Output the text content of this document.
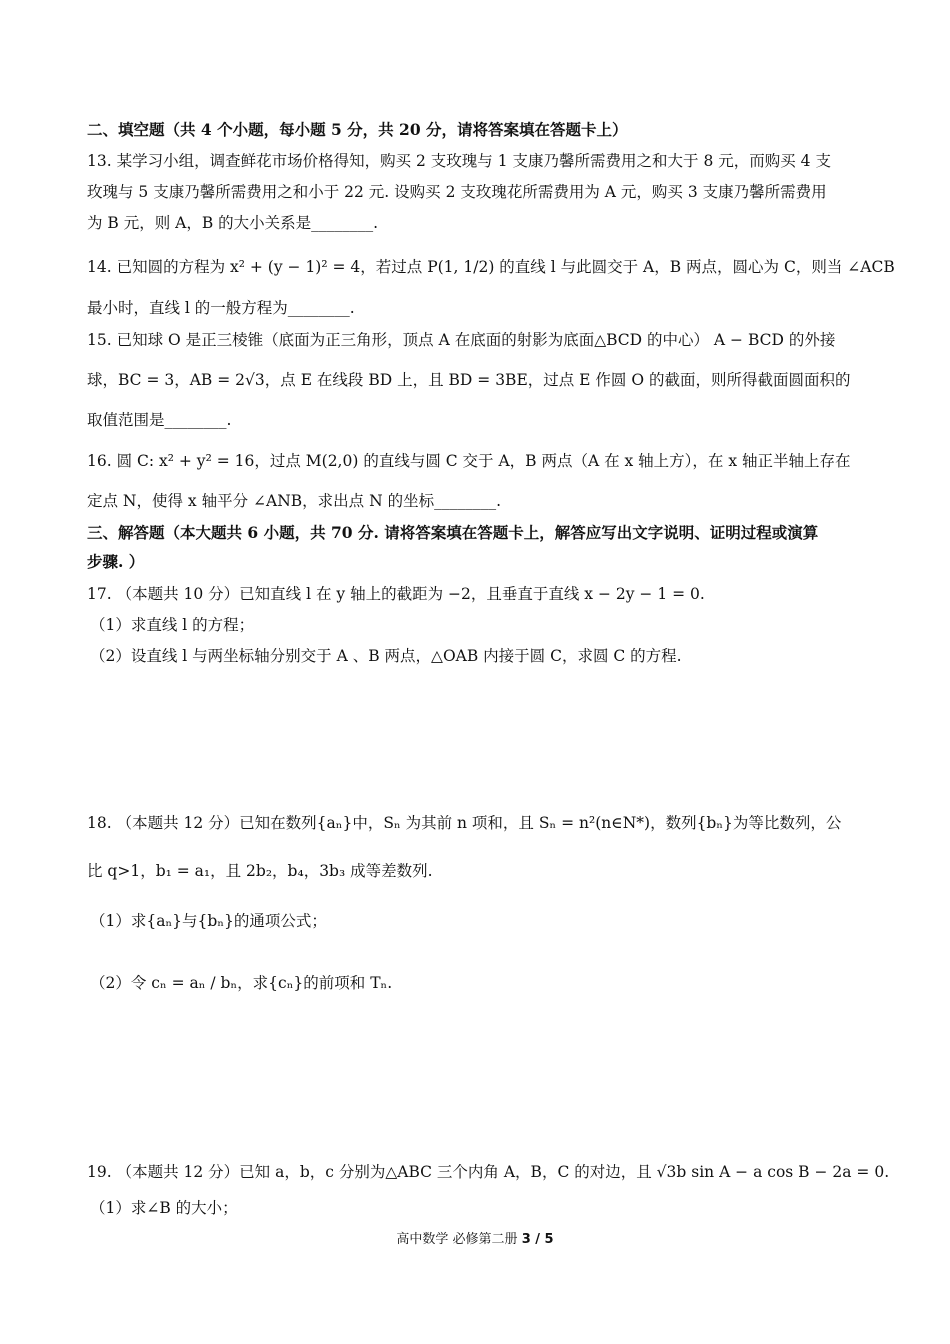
二、填空题（共 4 个小题，每小题 5 分，共 20 分，请将答案填在答题卡上）
13. 某学习小组，调查鲜花市场价格得知，购买 2 支玫瑰与 1 支康乃馨所需费用之和大于 8 元，而购买 4 支
玫瑰与 5 支康乃馨所需费用之和小于 22 元. 设购买 2 支玫瑰花所需费用为 A 元，购买 3 支康乃馨所需费用
为 B 元，则 A，B 的大小关系是________.
14. 已知圆的方程为 x² + (y − 1)² = 4，若过点 P(1, 1/2) 的直线 l 与此圆交于 A，B 两点，圆心为 C，则当 ∠ACB
最小时，直线 l 的一般方程为________.
15. 已知球 O 是正三棱锥（底面为正三角形，顶点 A 在底面的射影为底面△BCD 的中心） A − BCD 的外接
球，BC = 3，AB = 2√3，点 E 在线段 BD 上，且 BD = 3BE，过点 E 作圆 O 的截面，则所得截面圆面积的
取值范围是________.
16. 圆 C: x² + y² = 16，过点 M(2,0) 的直线与圆 C 交于 A，B 两点（A 在 x 轴上方），在 x 轴正半轴上存在
定点 N，使得 x 轴平分 ∠ANB，求出点 N 的坐标________.
三、解答题（本大题共 6 小题，共 70 分. 请将答案填在答题卡上，解答应写出文字说明、证明过程或演算
步骤. ）
17. （本题共 10 分）已知直线 l 在 y 轴上的截距为 −2，且垂直于直线 x − 2y − 1 = 0.
（1）求直线 l 的方程；
（2）设直线 l 与两坐标轴分别交于 A 、B 两点，△OAB 内接于圆 C，求圆 C 的方程.
18. （本题共 12 分）已知在数列{aₙ}中，Sₙ 为其前 n 项和，且 Sₙ = n²(n∈N*)，数列{bₙ}为等比数列，公
比 q>1，b₁ = a₁，且 2b₂，b₄，3b₃ 成等差数列.
（1）求{aₙ}与{bₙ}的通项公式；
（2）令 cₙ = aₙ / bₙ，求{cₙ}的前项和 Tₙ.
19. （本题共 12 分）已知 a，b，c 分别为△ABC 三个内角 A，B，C 的对边，且 √3b sin A − a cos B − 2a = 0.
（1）求∠B 的大小；
高中数学 必修第二册 3 / 5
